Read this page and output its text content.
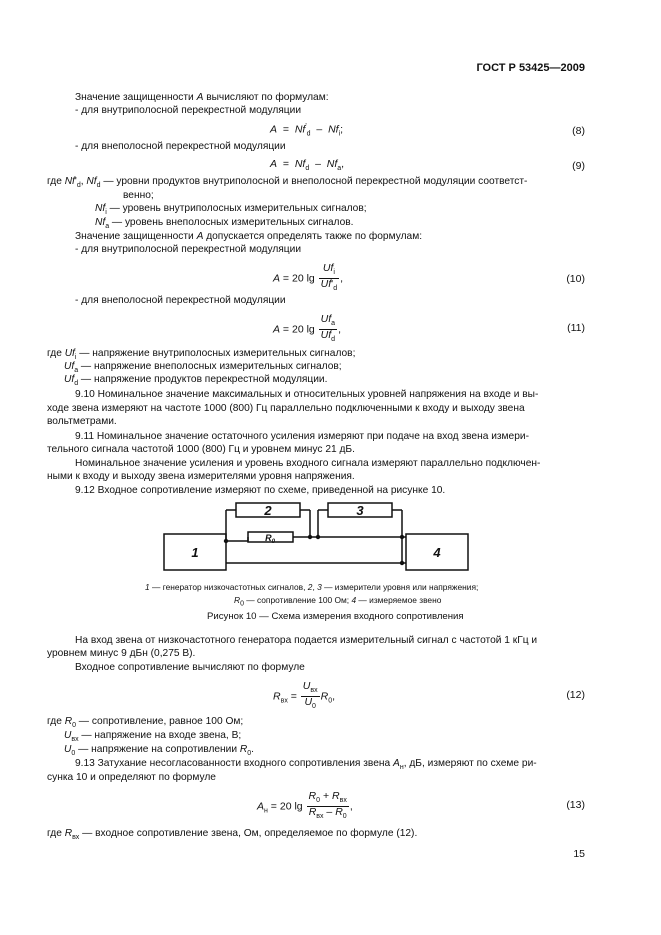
ГОСТ Р 53425—2009
Значение защищенности A вычисляют по формулам:
- для внутриполосной перекрестной модуляции
$A = Nf'_d - Nf_i$;	(8)
- для внеполосной перекрестной модуляции
$A = Nf_d - Nf_a$,	(9)
где $Nf'_d$, $Nf_d$ — уровни продуктов внутриполосной и внеполосной перекрестной модуляции соответст-
венно;
$Nf_i$ — уровень внутриполосных измерительных сигналов;
$Nf_a$ — уровень внеполосных измерительных сигналов.
Значение защищенности A допускается определять также по формулам:
- для внутриполосной перекрестной модуляции
A = 20 $\lg \frac{Uf_i}{Uf'_d}$ ,	(10)
- для внеполосной перекрестной модуляции
A = 20 $\lg \frac{Uf_a}{Uf_d}$ ,	(11)
где $Uf_i$ — напряжение внутриполосных измерительных сигналов;
$Uf_a$ — напряжение внеполосных измерительных сигналов;
$Uf_d$ — напряжение продуктов перекрестной модуляции.
9.10 Номинальное значение максимальных и относительных уровней напряжения на входе и вы-
ходе звена измеряют на частоте 1000 (800) Гц параллельно подключенными к входу и выходу звена
вольтметрами.
9.11 Номинальное значение остаточного усиления измеряют при подаче на вход звена измери-
тельного сигнала частотой 1000 (800) Гц и уровнем минус 21 дБ.
Номинальное значение усиления и уровень входного сигнала измеряют параллельно подключен-
ными к входу и выходу звена измерителями уровня напряжения.
9.12 Входное сопротивление измеряют по схеме, приведенной на рисунке 10.
1	4
2	3
$R_0$
1 — генератор низкочастотных сигналов, 2, 3 — измерители уровня или напряжения;
$R_0$ — сопротивление 100 Ом; 4 — измеряемое звено
Рисунок 10 — Схема измерения входного сопротивления
На вход звена от низкочастотного генератора подается измерительный сигнал с частотой 1 кГц и
уровнем минус 9 дБн (0,275 В).
Входное сопротивление вычисляют по формуле
$R_{вх} = \frac{U_{вх}}{U_0} R_0$,	(12)
где $R_0$ — сопротивление, равное 100 Ом;
$U_{вх}$ — напряжение на входе звена, В;
$U_0$ — напряжение на сопротивлении $R_0$.
9.13 Затухание несогласованности входного сопротивления звена $A_н$, дБ, измеряют по схеме ри-
сунка 10 и определяют по формуле
$A_н = 20$ $\lg \frac{R_0 + R_{вх}}{R_{вх} - R_0}$ ,	(13)
где $R_{вх}$ — входное сопротивление звена, Ом, определяемое по формуле (12).
15
